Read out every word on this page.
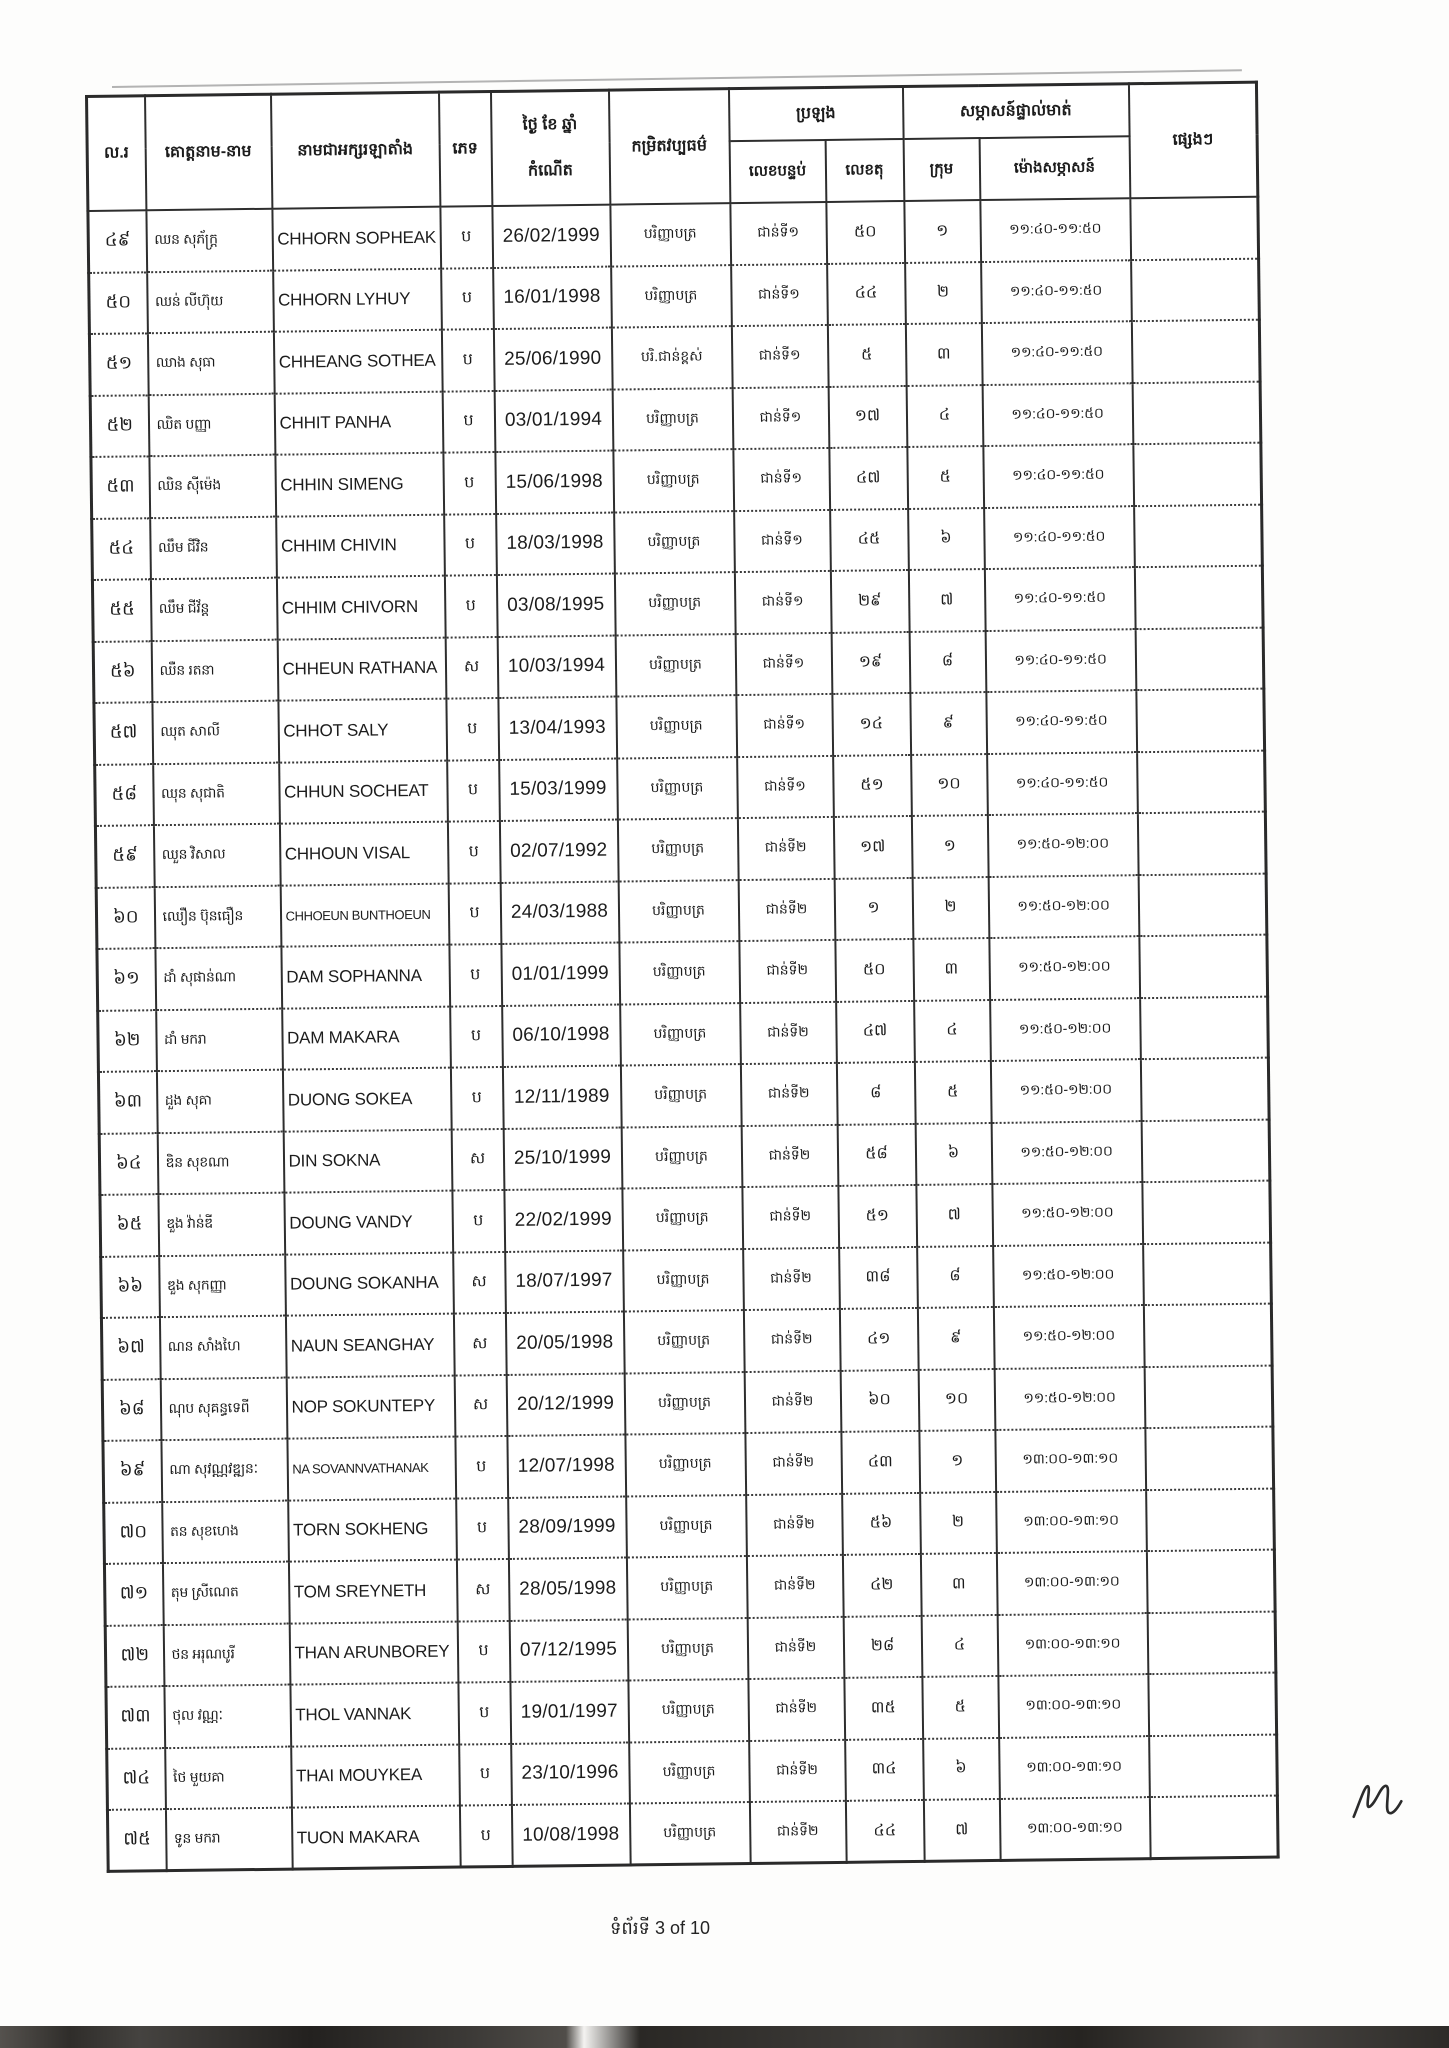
ល.រ	គោត្តនាម-នាម	នាមជាអក្សរឡាតាំង	ភេទ	ថ្ងៃ ខែ ឆ្នាំ
កំណើត	កម្រិតវប្បធម៌	ប្រឡង		សម្ភាសន៍ផ្ទាល់មាត់		ផ្សេងៗ
						លេខបន្ទប់	លេខតុ	ក្រុម	ម៉ោងសម្ភាសន៍	
៤៩	ឈន សុភ័ក្ត្រ	CHHORN SOPHEAK	ប	26/02/1999	បរិញ្ញាបត្រ	ជាន់ទី១	៥០	១	១១:៤០-១១:៥០	
៥០	ឈន់ លីហ៊ុយ	CHHORN LYHUY	ប	16/01/1998	បរិញ្ញាបត្រ	ជាន់ទី១	៤៤	២	១១:៤០-១១:៥០	
៥១	ឈាង សុធា	CHHEANG SOTHEA	ប	25/06/1990	បរិ.ជាន់ខ្ពស់	ជាន់ទី១	៥	៣	១១:៤០-១១:៥០	
៥២	ឈិត បញ្ញា	CHHIT PANHA	ប	03/01/1994	បរិញ្ញាបត្រ	ជាន់ទី១	១៧	៤	១១:៤០-១១:៥០	
៥៣	ឈិន ស៊ីម៉េង	CHHIN SIMENG	ប	15/06/1998	បរិញ្ញាបត្រ	ជាន់ទី១	៤៧	៥	១១:៤០-១១:៥០	
៥៤	ឈឹម ជីវិន	CHHIM CHIVIN	ប	18/03/1998	បរិញ្ញាបត្រ	ជាន់ទី១	៤៥	៦	១១:៤០-១១:៥០	
៥៥	ឈឹម ជីវ័ន្ត	CHHIM CHIVORN	ប	03/08/1995	បរិញ្ញាបត្រ	ជាន់ទី១	២៩	៧	១១:៤០-១១:៥០	
៥៦	ឈឺន រតនា	CHHEUN RATHANA	ស	10/03/1994	បរិញ្ញាបត្រ	ជាន់ទី១	១៩	៨	១១:៤០-១១:៥០	
៥៧	ឈុត សាលី	CHHOT SALY	ប	13/04/1993	បរិញ្ញាបត្រ	ជាន់ទី១	១៤	៩	១១:៤០-១១:៥០	
៥៨	ឈុន សុជាតិ	CHHUN SOCHEAT	ប	15/03/1999	បរិញ្ញាបត្រ	ជាន់ទី១	៥១	១០	១១:៤០-១១:៥០	
៥៩	ឈួន វិសាល	CHHOUN VISAL	ប	02/07/1992	បរិញ្ញាបត្រ	ជាន់ទី២	១៧	១	១១:៥០-១២:០០	
៦០	ឈឿន ប៊ុនធឿន	CHHOEUN BUNTHOEUN	ប	24/03/1988	បរិញ្ញាបត្រ	ជាន់ទី២	១	២	១១:៥០-១២:០០	
៦១	ដាំ សុផាន់ណា	DAM SOPHANNA	ប	01/01/1999	បរិញ្ញាបត្រ	ជាន់ទី២	៥០	៣	១១:៥០-១២:០០	
៦២	ដាំ មករា	DAM MAKARA	ប	06/10/1998	បរិញ្ញាបត្រ	ជាន់ទី២	៤៧	៤	១១:៥០-១២:០០	
៦៣	ដួង សុគា	DUONG SOKEA	ប	12/11/1989	បរិញ្ញាបត្រ	ជាន់ទី២	៨	៥	១១:៥០-១២:០០	
៦៤	ឌិន សុខណា	DIN SOKNA	ស	25/10/1999	បរិញ្ញាបត្រ	ជាន់ទី២	៥៨	៦	១១:៥០-១២:០០	
៦៥	ឌួង វ៉ាន់ឌី	DOUNG VANDY	ប	22/02/1999	បរិញ្ញាបត្រ	ជាន់ទី២	៥១	៧	១១:៥០-១២:០០	
៦៦	ឌួង សុកញ្ញា	DOUNG SOKANHA	ស	18/07/1997	បរិញ្ញាបត្រ	ជាន់ទី២	៣៨	៨	១១:៥០-១២:០០	
៦៧	ណន សាំងហៃ	NAUN SEANGHAY	ស	20/05/1998	បរិញ្ញាបត្រ	ជាន់ទី២	៤១	៩	១១:៥០-១២:០០	
៦៨	ណុប សុគន្ធទេពី	NOP SOKUNTEPY	ស	20/12/1999	បរិញ្ញាបត្រ	ជាន់ទី២	៦០	១០	១១:៥០-១២:០០	
៦៩	ណា សុវណ្ណវឌ្ឍនៈ	NA SOVANNVATHANAK	ប	12/07/1998	បរិញ្ញាបត្រ	ជាន់ទី២	៤៣	១	១៣:០០-១៣:១០	
៧០	តន សុខហេង	TORN SOKHENG	ប	28/09/1999	បរិញ្ញាបត្រ	ជាន់ទី២	៥៦	២	១៣:០០-១៣:១០	
៧១	តុម ស្រីណេត	TOM SREYNETH	ស	28/05/1998	បរិញ្ញាបត្រ	ជាន់ទី២	៤២	៣	១៣:០០-១៣:១០	
៧២	ថន អរុណបូរី	THAN ARUNBOREY	ប	07/12/1995	បរិញ្ញាបត្រ	ជាន់ទី២	២៨	៤	១៣:០០-១៣:១០	
៧៣	ថុល វណ្ណៈ	THOL VANNAK	ប	19/01/1997	បរិញ្ញាបត្រ	ជាន់ទី២	៣៥	៥	១៣:០០-១៣:១០	
៧៤	ថៃ មួយគា	THAI MOUYKEA	ប	23/10/1996	បរិញ្ញាបត្រ	ជាន់ទី២	៣៤	៦	១៣:០០-១៣:១០	
៧៥	ទូន មករា	TUON MAKARA	ប	10/08/1998	បរិញ្ញាបត្រ	ជាន់ទី២	៤៤	៧	១៣:០០-១៣:១០	
ទំព័រទី 3 of 10
